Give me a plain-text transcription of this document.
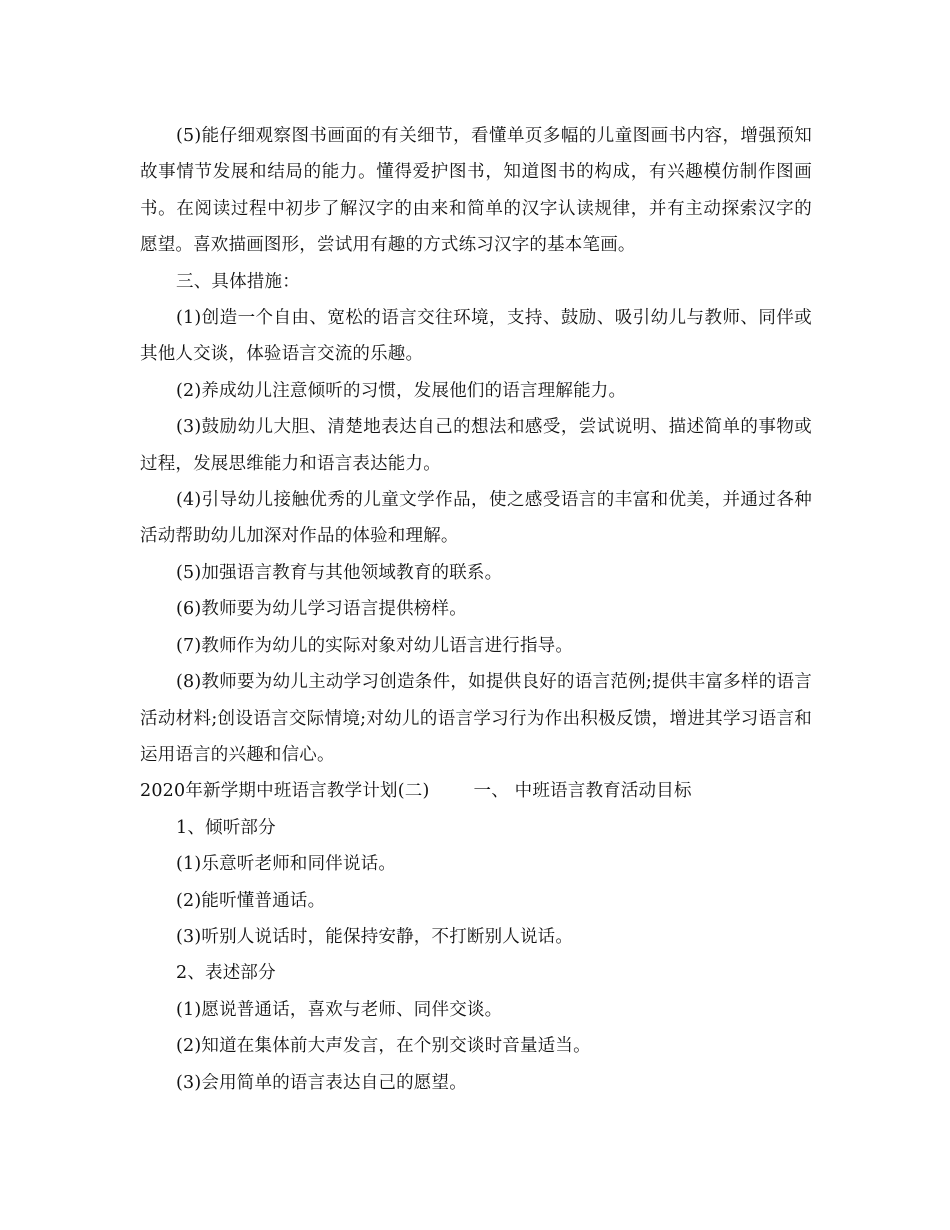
(5)能仔细观察图书画面的有关细节，看懂单页多幅的儿童图画书内容，增强预知故事情节发展和结局的能力。懂得爱护图书，知道图书的构成，有兴趣模仿制作图画书。在阅读过程中初步了解汉字的由来和简单的汉字认读规律，并有主动探索汉字的愿望。喜欢描画图形，尝试用有趣的方式练习汉字的基本笔画。

三、具体措施：

(1)创造一个自由、宽松的语言交往环境，支持、鼓励、吸引幼儿与教师、同伴或其他人交谈，体验语言交流的乐趣。

(2)养成幼儿注意倾听的习惯，发展他们的语言理解能力。

(3)鼓励幼儿大胆、清楚地表达自己的想法和感受，尝试说明、描述简单的事物或过程，发展思维能力和语言表达能力。

(4)引导幼儿接触优秀的儿童文学作品，使之感受语言的丰富和优美，并通过各种活动帮助幼儿加深对作品的体验和理解。

(5)加强语言教育与其他领域教育的联系。

(6)教师要为幼儿学习语言提供榜样。

(7)教师作为幼儿的实际对象对幼儿语言进行指导。

(8)教师要为幼儿主动学习创造条件，如提供良好的语言范例;提供丰富多样的语言活动材料;创设语言交际情境;对幼儿的语言学习行为作出积极反馈，增进其学习语言和运用语言的兴趣和信心。

2020年新学期中班语言教学计划(二)	一、 中班语言教育活动目标

1、倾听部分

(1)乐意听老师和同伴说话。

(2)能听懂普通话。

(3)听别人说话时，能保持安静，不打断别人说话。

2、表述部分

(1)愿说普通话，喜欢与老师、同伴交谈。

(2)知道在集体前大声发言，在个别交谈时音量适当。

(3)会用简单的语言表达自己的愿望。
